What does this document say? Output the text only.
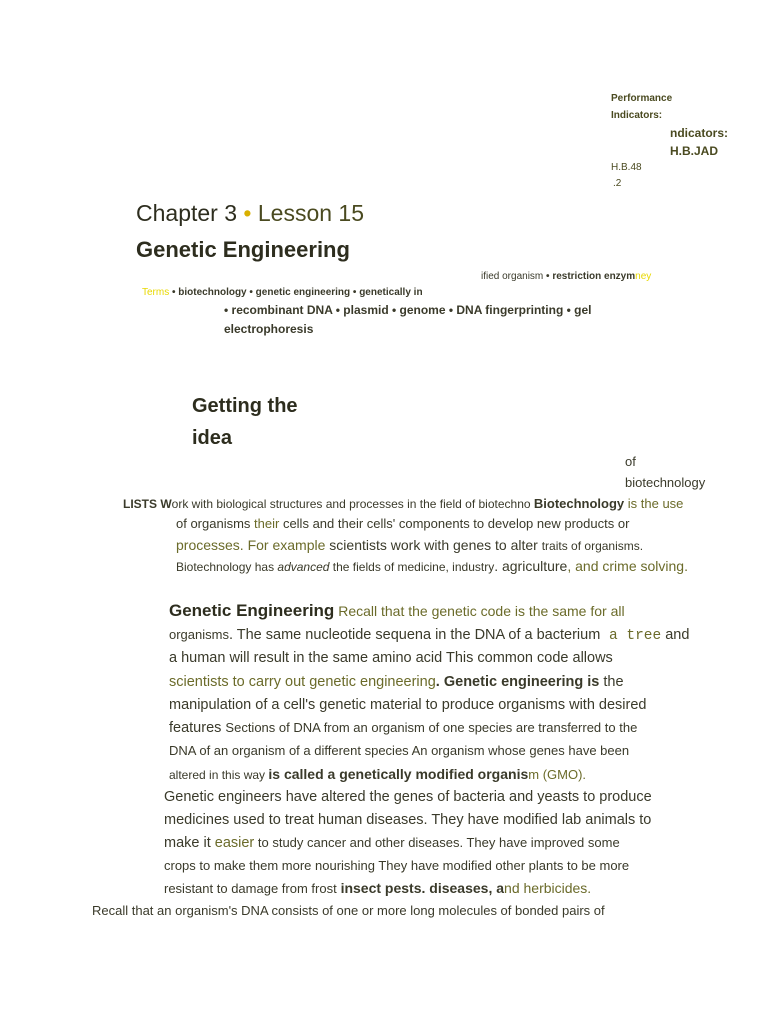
Performance
Indicators:
ndicators:
H.B.JAD
H.B.48
.2
Chapter 3 • Lesson 15
Genetic Engineering
ified organism • restriction enzymney
Terms • biotechnology • genetic engineering • genetically in
• recombinant DNA • plasmid • genome • DNA fingerprinting • gel
electrophoresis
Getting the
idea
of
biotechnology
LISTS Work with biological structures and processes in the field of biotechno Biotechnology is the use
of organisms their cells and their cells' components to develop new products or
processes. For example scientists work with genes to alter traits of organisms.
Biotechnology has advanced the fields of medicine, industry. agriculture, and crime solving.
Genetic Engineering Recall that the genetic code is the same for all
organisms. The same nucleotide sequena in the DNA of a bacterium a tree and
a human will result in the same amino acid This common code allows
scientists to carry out genetic engineering. Genetic engineering is the
manipulation of a cell's genetic material to produce organisms with desired
features Sections of DNA from an organism of one species are transferred to the
DNA of an organism of a different species An organism whose genes have been
altered in this way is called a genetically modified organism (GMO).
Genetic engineers have altered the genes of bacteria and yeasts to produce
medicines used to treat human diseases. They have modified lab animals to
make it easier to study cancer and other diseases. They have improved some
crops to make them more nourishing They have modified other plants to be more
resistant to damage from frost insect pests. diseases, and herbicides.
Recall that an organism's DNA consists of one or more long molecules of bonded pairs of
